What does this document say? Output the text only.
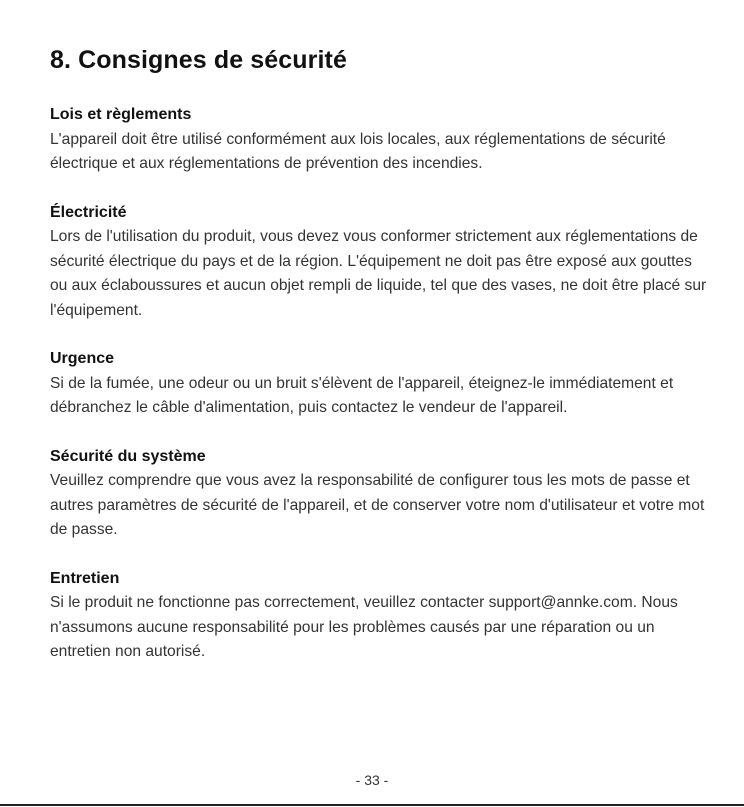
8. Consignes de sécurité
Lois et règlements

L'appareil doit être utilisé conformément aux lois locales, aux réglementations de sécurité électrique et aux réglementations de prévention des incendies.

Électricité

Lors de l'utilisation du produit, vous devez vous conformer strictement aux réglementations de sécurité électrique du pays et de la région. L'équipement ne doit pas être exposé aux gouttes ou aux éclaboussures et aucun objet rempli de liquide, tel que des vases, ne doit être placé sur l'équipement.

Urgence

Si de la fumée, une odeur ou un bruit s'élèvent de l'appareil, éteignez-le immédiatement et débranchez le câble d'alimentation, puis contactez le vendeur de l'appareil.

Sécurité du système

Veuillez comprendre que vous avez la responsabilité de configurer tous les mots de passe et autres paramètres de sécurité de l'appareil, et de conserver votre nom d'utilisateur et votre mot de passe.

Entretien

Si le produit ne fonctionne pas correctement, veuillez contacter support@annke.com. Nous n'assumons aucune responsabilité pour les problèmes causés par une réparation ou un entretien non autorisé.

- 33 -
